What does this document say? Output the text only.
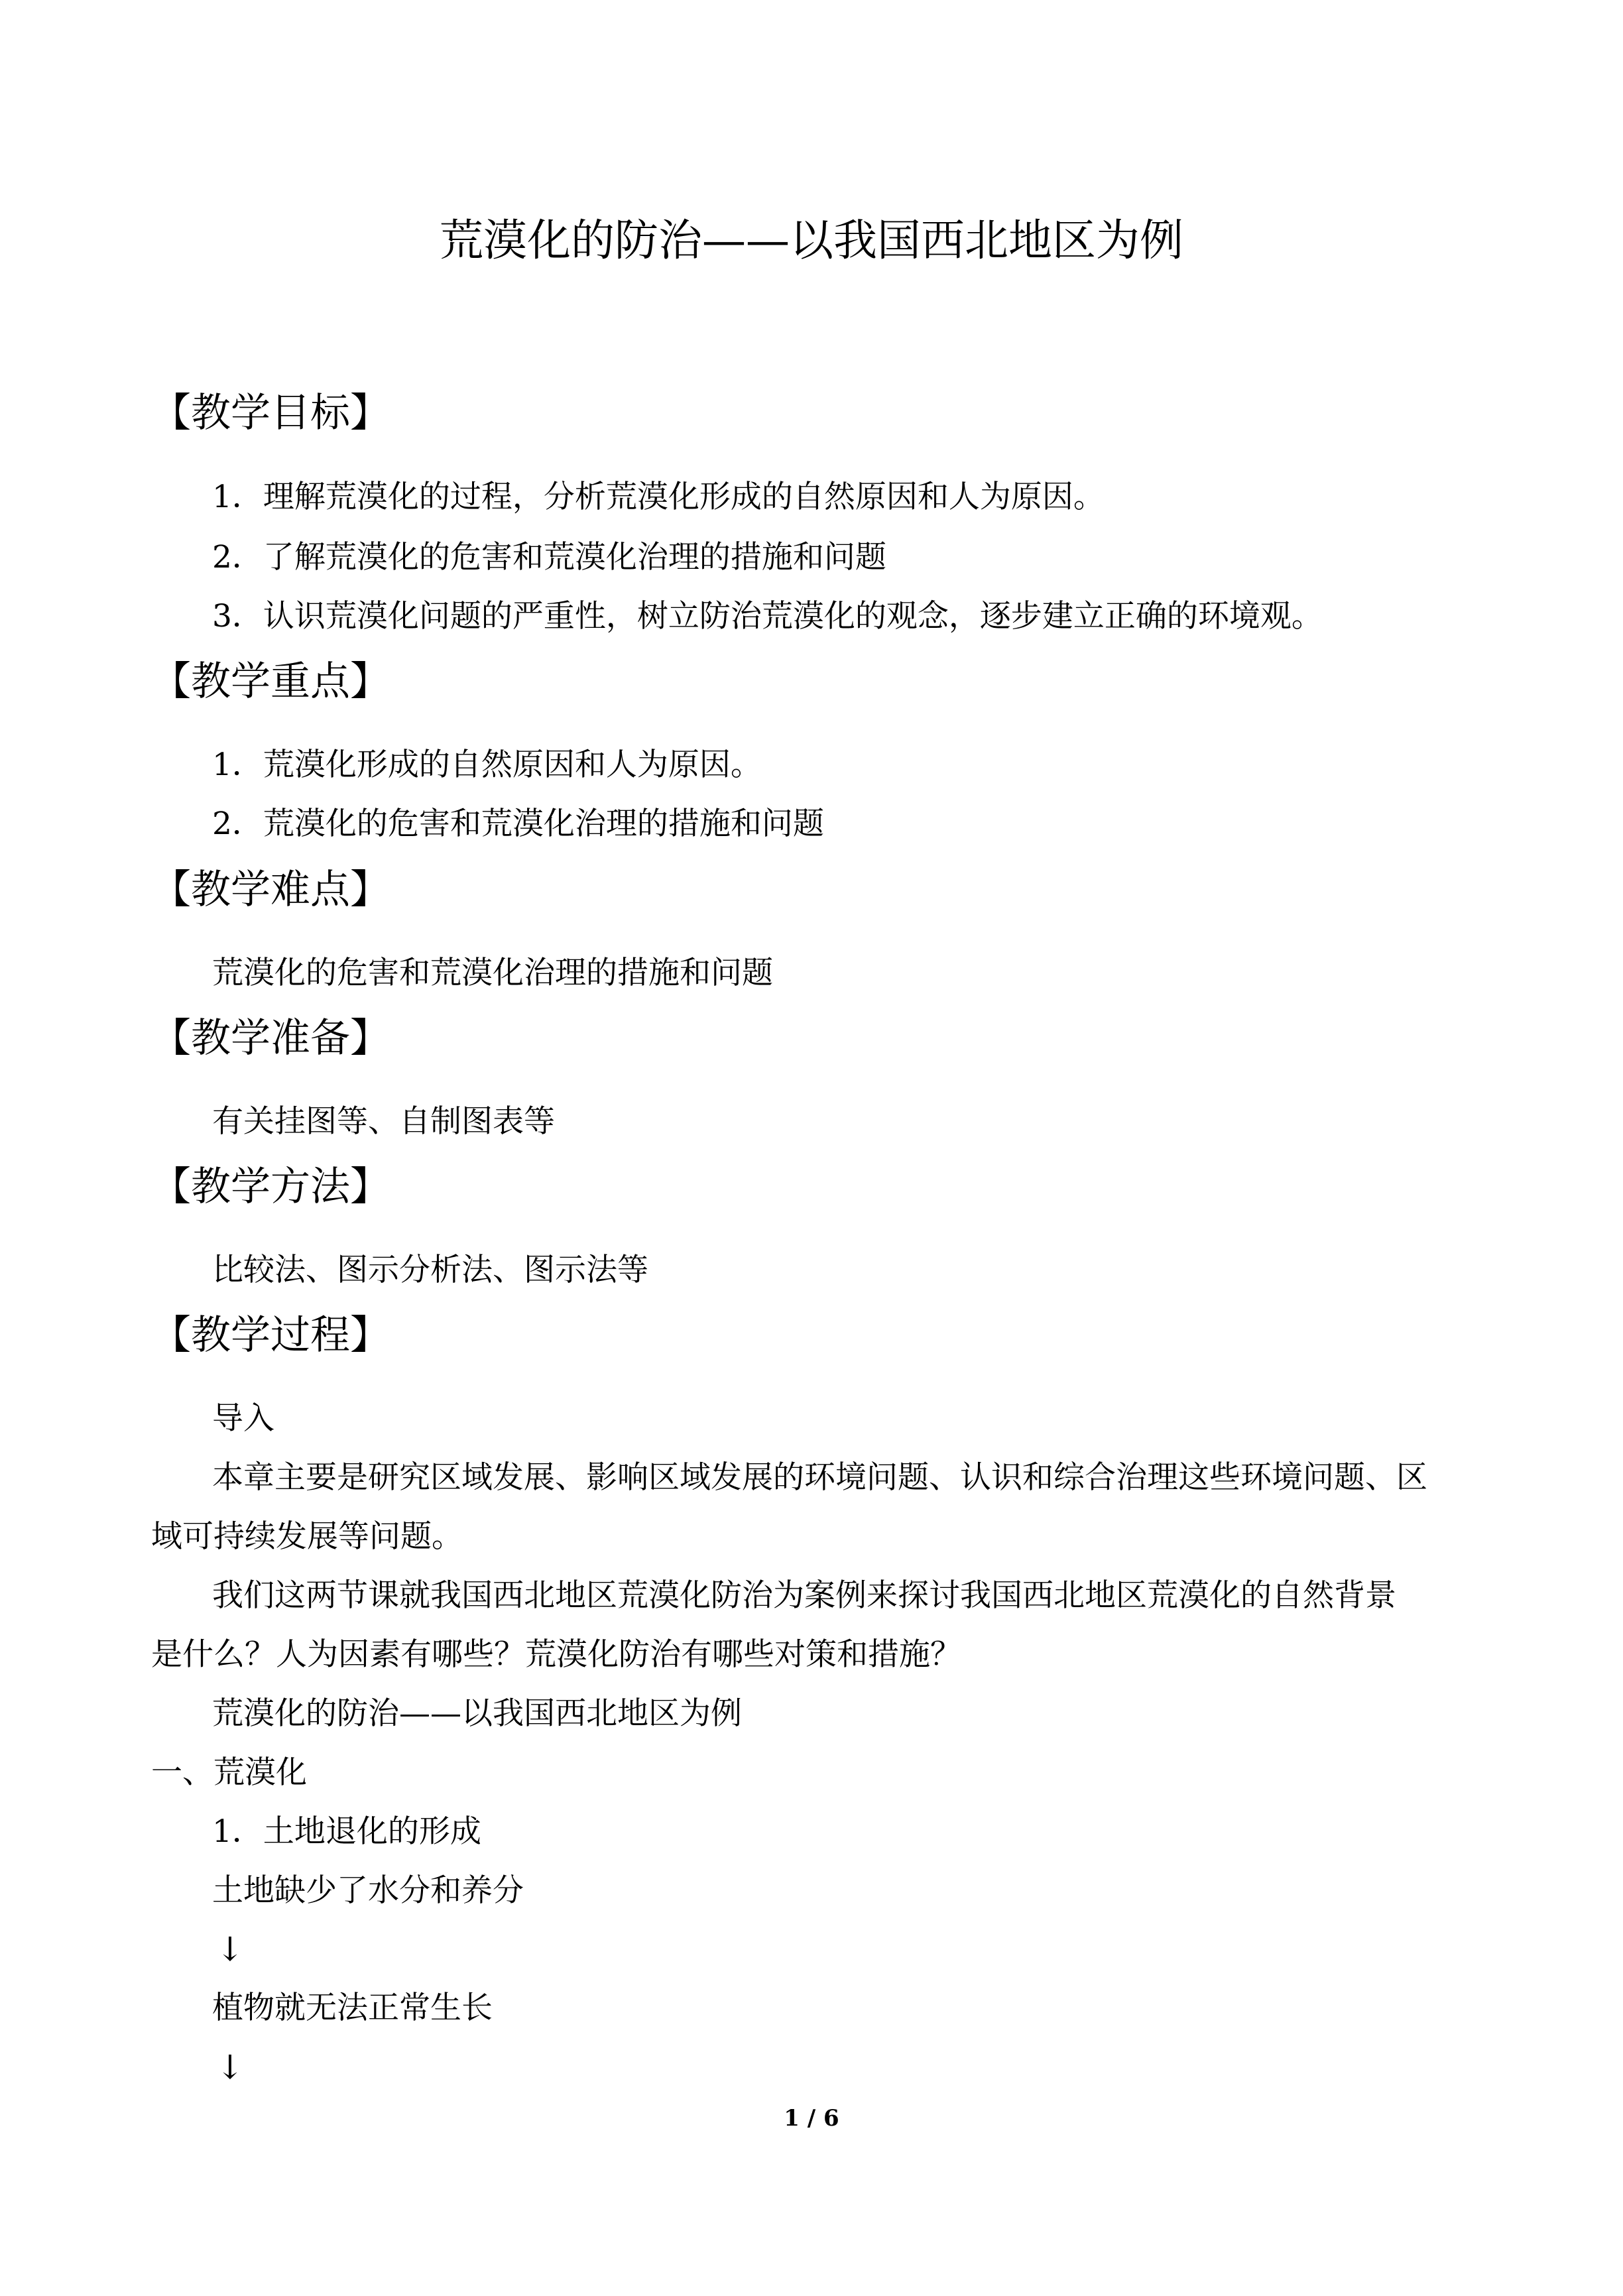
荒漠化的防治——以我国西北地区为例
【教学目标】
1．理解荒漠化的过程，分析荒漠化形成的自然原因和人为原因。
2．了解荒漠化的危害和荒漠化治理的措施和问题
3．认识荒漠化问题的严重性，树立防治荒漠化的观念，逐步建立正确的环境观。
【教学重点】
1．荒漠化形成的自然原因和人为原因。
2．荒漠化的危害和荒漠化治理的措施和问题
【教学难点】
荒漠化的危害和荒漠化治理的措施和问题
【教学准备】
有关挂图等、自制图表等
【教学方法】
比较法、图示分析法、图示法等
【教学过程】
导入
本章主要是研究区域发展、影响区域发展的环境问题、认识和综合治理这些环境问题、区
域可持续发展等问题。
我们这两节课就我国西北地区荒漠化防治为案例来探讨我国西北地区荒漠化的自然背景
是什么？人为因素有哪些？荒漠化防治有哪些对策和措施？
荒漠化的防治——以我国西北地区为例
一、荒漠化
1．土地退化的形成
土地缺少了水分和养分
↓
植物就无法正常生长
↓
1 / 6
